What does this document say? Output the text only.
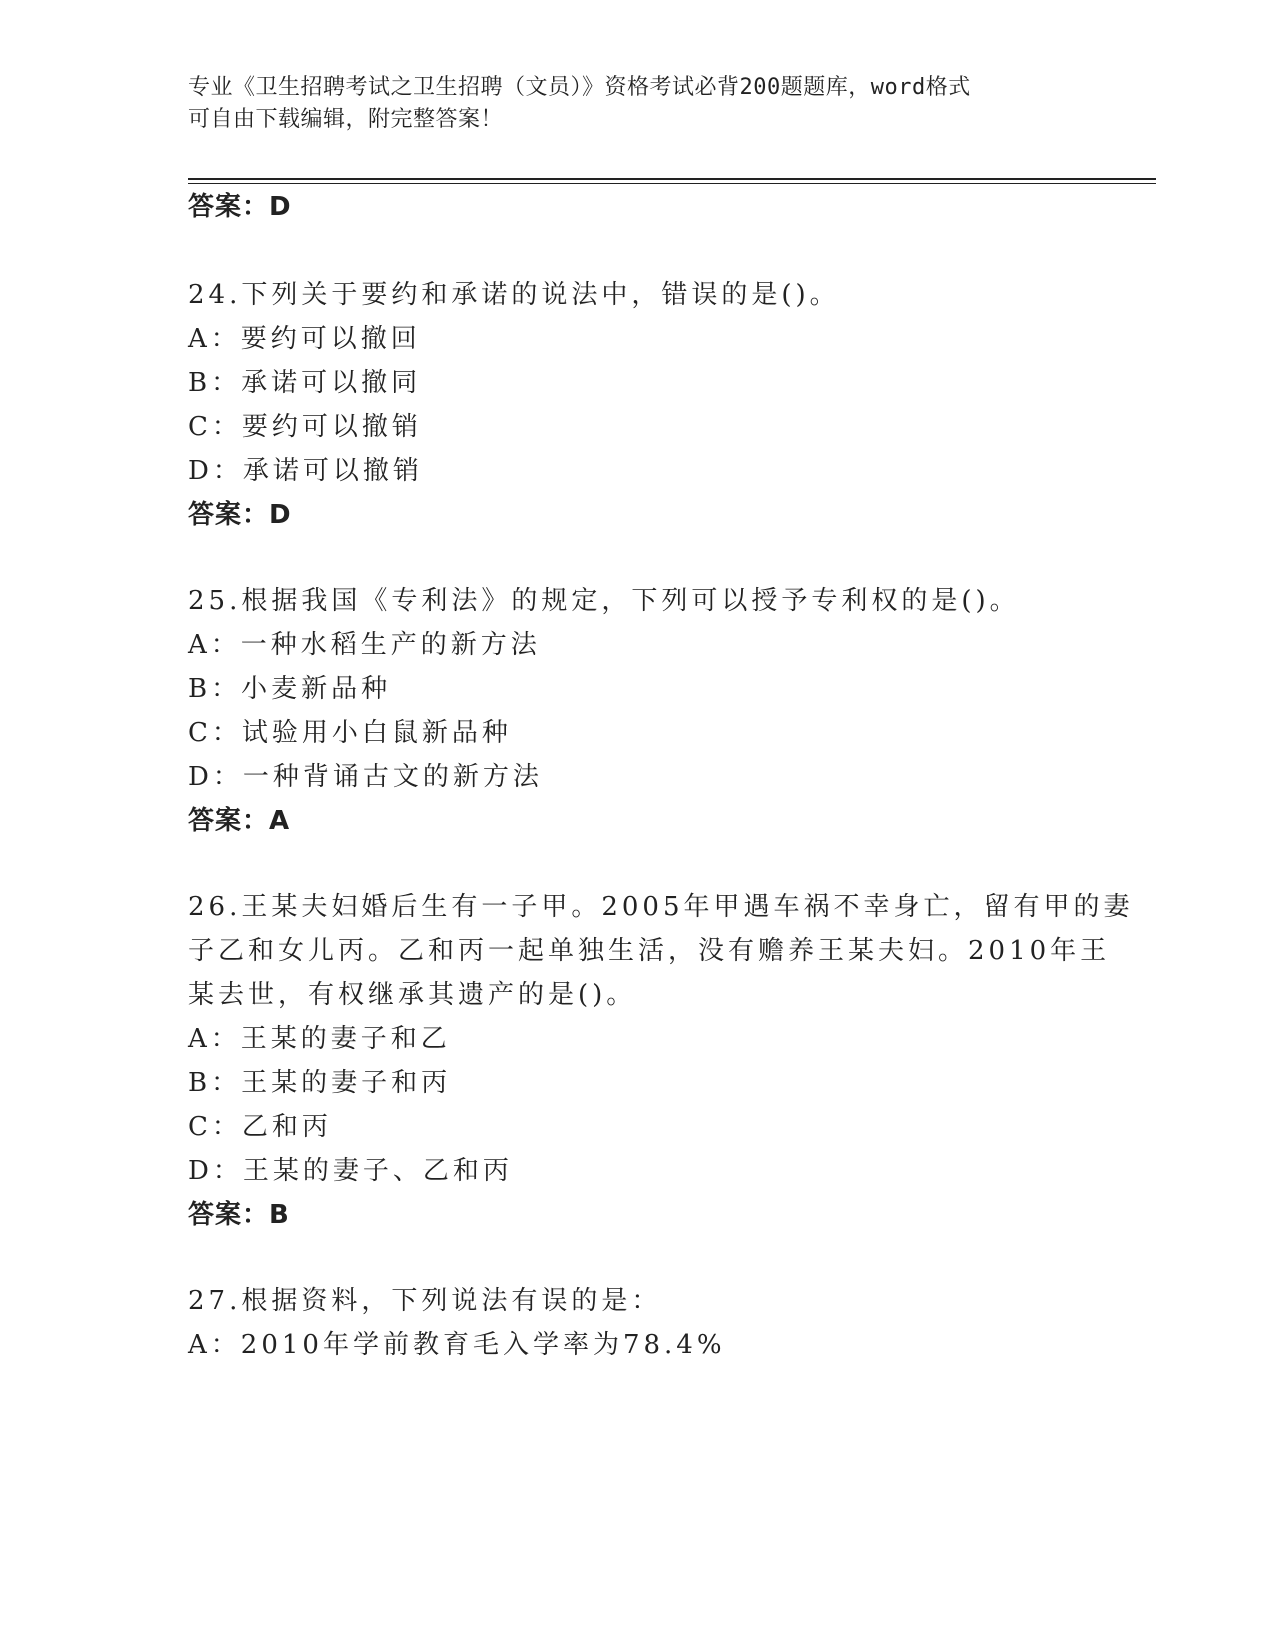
专业《卫生招聘考试之卫生招聘（文员）》资格考试必背200题题库，word格式
可自由下载编辑，附完整答案！
答案：D
24.下列关于要约和承诺的说法中，错误的是()。
A：要约可以撤回
B：承诺可以撤同
C：要约可以撤销
D：承诺可以撤销
答案：D
25.根据我国《专利法》的规定，下列可以授予专利权的是()。
A：一种水稻生产的新方法
B：小麦新品种
C：试验用小白鼠新品种
D：一种背诵古文的新方法
答案：A
26.王某夫妇婚后生有一子甲。2005年甲遇车祸不幸身亡，留有甲的妻
子乙和女儿丙。乙和丙一起单独生活，没有赡养王某夫妇。2010年王
某去世，有权继承其遗产的是()。
A：王某的妻子和乙
B：王某的妻子和丙
C：乙和丙
D：王某的妻子、乙和丙
答案：B
27.根据资料，下列说法有误的是：
A：2010年学前教育毛入学率为78.4%
